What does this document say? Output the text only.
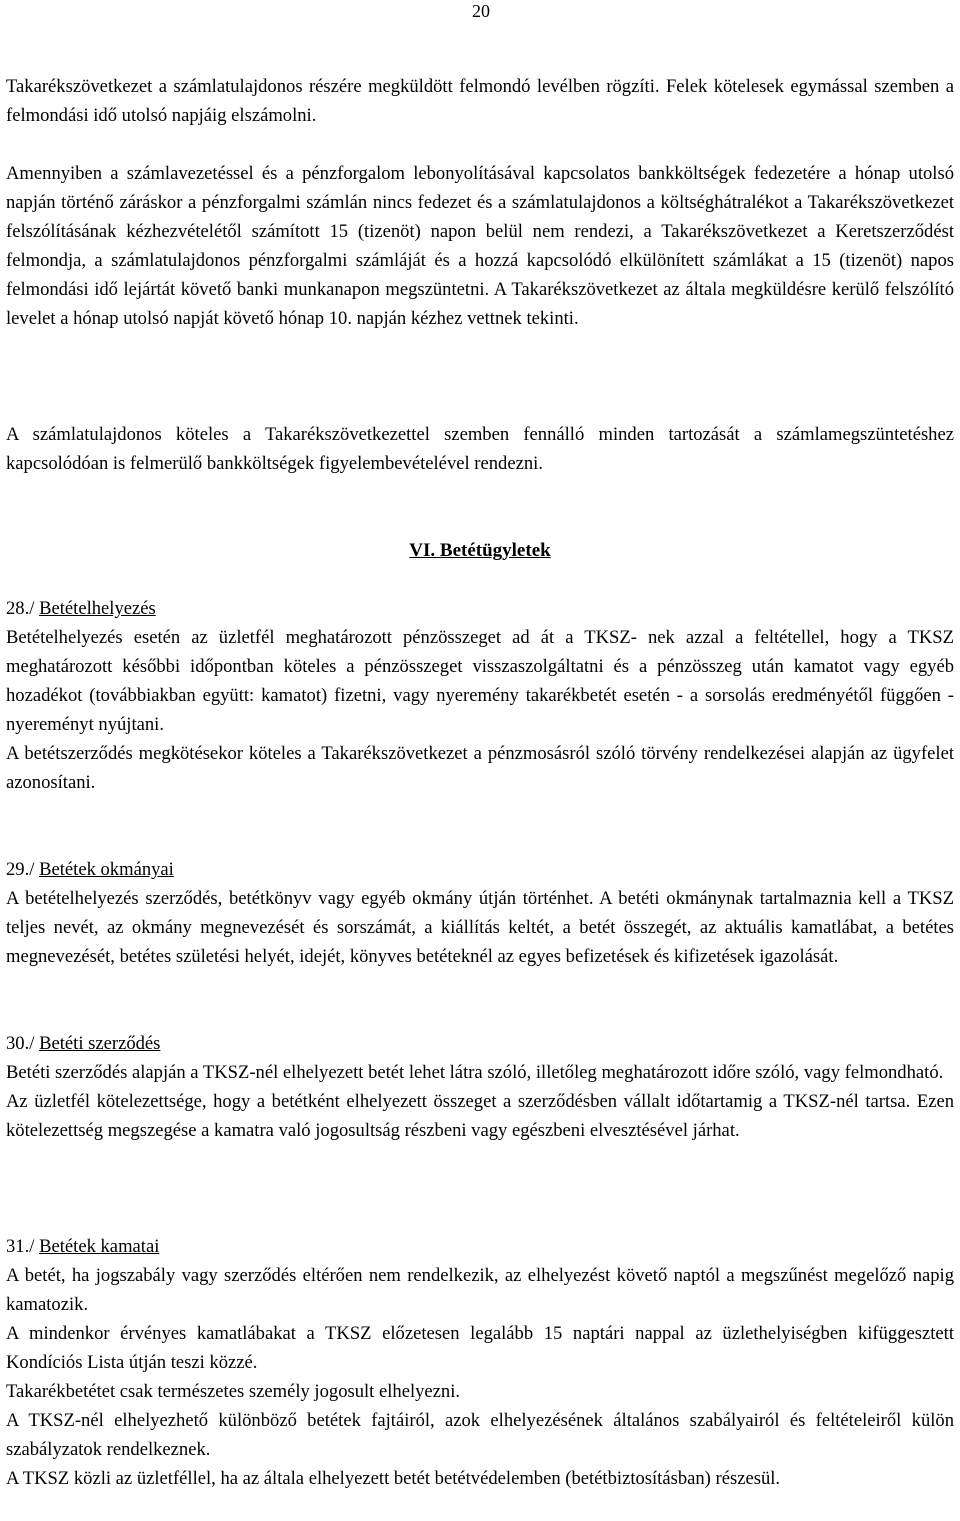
20

Takarékszövetkezet a számlatulajdonos részére megküldött felmondó levélben rögzíti. Felek kötelesek egymással szemben a felmondási idő utolsó napjáig elszámolni.

Amennyiben a számlavezetéssel és a pénzforgalom lebonyolításával kapcsolatos bankköltségek fedezetére a hónap utolsó napján történő záráskor a pénzforgalmi számlán nincs fedezet és a számlatulajdonos a költséghátralékot a Takarékszövetkezet felszólításának kézhezvételétől számított 15 (tizenöt) napon belül nem rendezi, a Takarékszövetkezet a Keretszerződést felmondja, a számlatulajdonos pénzforgalmi számláját és a hozzá kapcsolódó elkülönített számlákat a 15 (tizenöt) napos felmondási idő lejártát követő banki munkanapon megszüntetni. A Takarékszövetkezet az általa megküldésre kerülő felszólító levelet a hónap utolsó napját követő hónap 10. napján kézhez vettnek tekinti.

A számlatulajdonos köteles a Takarékszövetkezettel szemben fennálló minden tartozását a számlamegszüntetéshez kapcsolódóan is felmerülő bankköltségek figyelembevételével rendezni.

VI. Betétügyletek

28./ Betételhelyezés

Betételhelyezés esetén az üzletfél meghatározott pénzösszeget ad át a TKSZ- nek azzal a feltétellel, hogy a TKSZ meghatározott későbbi időpontban köteles a pénzösszeget visszaszolgáltatni és a pénzösszeg után kamatot vagy egyéb hozadékot (továbbiakban együtt: kamatot) fizetni, vagy nyeremény takarékbetét esetén - a sorsolás eredményétől függően - nyereményt nyújtani.

A betétszerződés megkötésekor köteles a Takarékszövetkezet a pénzmosásról szóló törvény rendelkezései alapján az ügyfelet azonosítani.

29./ Betétek okmányai

A betételhelyezés szerződés, betétkönyv vagy egyéb okmány útján történhet. A betéti okmánynak tartalmaznia kell a TKSZ teljes nevét, az okmány megnevezését és sorszámát, a kiállítás keltét, a betét összegét, az aktuális kamatlábat, a betétes megnevezését, betétes születési helyét, idejét, könyves betéteknél az egyes befizetések és kifizetések igazolását.

30./ Betéti szerződés

Betéti szerződés alapján a TKSZ-nél elhelyezett betét lehet látra szóló, illetőleg meghatározott időre szóló, vagy felmondható.

Az üzletfél kötelezettsége, hogy a betétként elhelyezett összeget a szerződésben vállalt időtartamig a TKSZ-nél tartsa. Ezen kötelezettség megszegése a kamatra való jogosultság részbeni vagy egészbeni elvesztésével járhat.

31./ Betétek kamatai

A betét, ha jogszabály vagy szerződés eltérően nem rendelkezik, az elhelyezést követő naptól a megszűnést megelőző napig kamatozik.

A mindenkor érvényes kamatlábakat a TKSZ előzetesen legalább 15 naptári nappal az üzlethelyiségben kifüggesztett Kondíciós Lista útján teszi közzé.

Takarékbetétet csak természetes személy jogosult elhelyezni.

A TKSZ-nél elhelyezhető különböző betétek fajtáiról, azok elhelyezésének általános szabályairól és feltételeiről külön szabályzatok rendelkeznek.

A TKSZ közli az üzletféllel, ha az általa elhelyezett betét betétvédelemben (betétbiztosításban) részesül.
